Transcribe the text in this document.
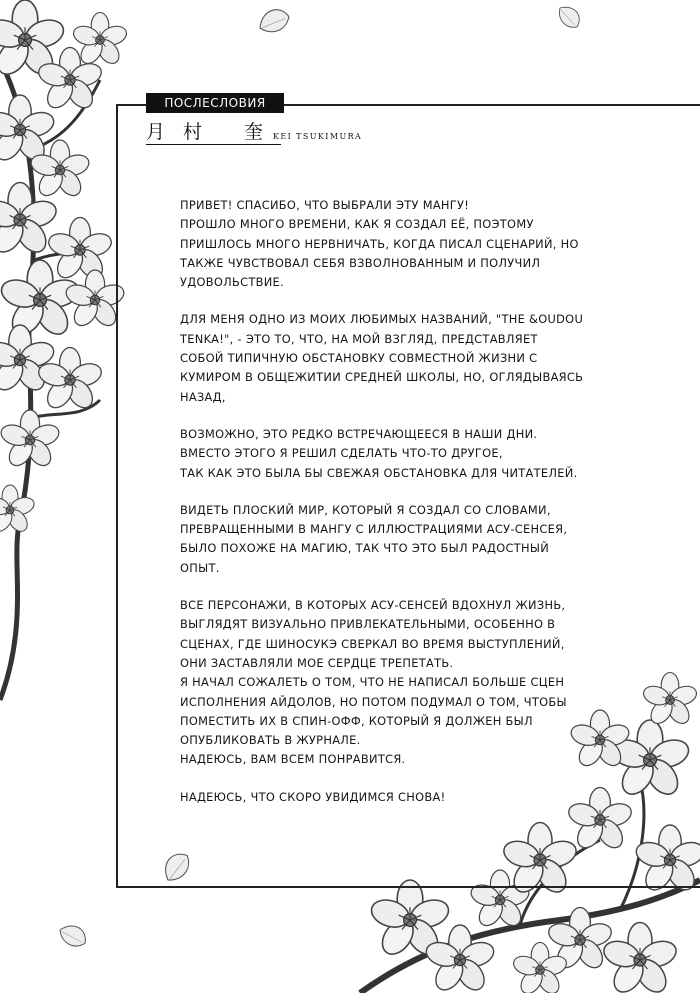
ПОСЛЕСЛОВИЯ
月村 奎
KEI TSUKIMURA

ПРИВЕТ! СПАСИБО, ЧТО ВЫБРАЛИ ЭТУ МАНГУ!
ПРОШЛО МНОГО ВРЕМЕНИ, КАК Я СОЗДАЛ ЕЁ, ПОЭТОМУ
ПРИШЛОСЬ МНОГО НЕРВНИЧАТЬ, КОГДА ПИСАЛ СЦЕНАРИЙ, НО
ТАКЖЕ ЧУВСТВОВАЛ СЕБЯ ВЗВОЛНОВАННЫМ И ПОЛУЧИЛ
УДОВОЛЬСТВИЕ.

ДЛЯ МЕНЯ ОДНО ИЗ МОИХ ЛЮБИМЫХ НАЗВАНИЙ, "THE &OUDOU
TENKA!", - ЭТО ТО, ЧТО, НА МОЙ ВЗГЛЯД, ПРЕДСТАВЛЯЕТ
СОБОЙ ТИПИЧНУЮ ОБСТАНОВКУ СОВМЕСТНОЙ ЖИЗНИ С
КУМИРОМ В ОБЩЕЖИТИИ СРЕДНЕЙ ШКОЛЫ, НО, ОГЛЯДЫВАЯСЬ
НАЗАД,

ВОЗМОЖНО, ЭТО РЕДКО ВСТРЕЧАЮЩЕЕСЯ В НАШИ ДНИ.
ВМЕСТО ЭТОГО Я РЕШИЛ СДЕЛАТЬ ЧТО-ТО ДРУГОЕ,
ТАК КАК ЭТО БЫЛА БЫ СВЕЖАЯ ОБСТАНОВКА ДЛЯ ЧИТАТЕЛЕЙ.

ВИДЕТЬ ПЛОСКИЙ МИР, КОТОРЫЙ Я СОЗДАЛ СО СЛОВАМИ,
ПРЕВРАЩЕННЫМИ В МАНГУ С ИЛЛЮСТРАЦИЯМИ АСУ-СЕНСЕЯ,
БЫЛО ПОХОЖЕ НА МАГИЮ, ТАК ЧТО ЭТО БЫЛ РАДОСТНЫЙ
ОПЫТ.

ВСЕ ПЕРСОНАЖИ, В КОТОРЫХ АСУ-СЕНСЕЙ ВДОХНУЛ ЖИЗНЬ,
ВЫГЛЯДЯТ ВИЗУАЛЬНО ПРИВЛЕКАТЕЛЬНЫМИ, ОСОБЕННО В
СЦЕНАХ, ГДЕ ШИНОСУКЭ СВЕРКАЛ ВО ВРЕМЯ ВЫСТУПЛЕНИЙ,
ОНИ ЗАСТАВЛЯЛИ МОЕ СЕРДЦЕ ТРЕПЕТАТЬ.
Я НАЧАЛ СОЖАЛЕТЬ О ТОМ, ЧТО НЕ НАПИСАЛ БОЛЬШЕ СЦЕН
ИСПОЛНЕНИЯ АЙДОЛОВ, НО ПОТОМ ПОДУМАЛ О ТОМ, ЧТОБЫ
ПОМЕСТИТЬ ИХ В СПИН-ОФФ, КОТОРЫЙ Я ДОЛЖЕН БЫЛ
ОПУБЛИКОВАТЬ В ЖУРНАЛЕ.
НАДЕЮСЬ, ВАМ ВСЕМ ПОНРАВИТСЯ.

НАДЕЮСЬ, ЧТО СКОРО УВИДИМСЯ СНОВА!
